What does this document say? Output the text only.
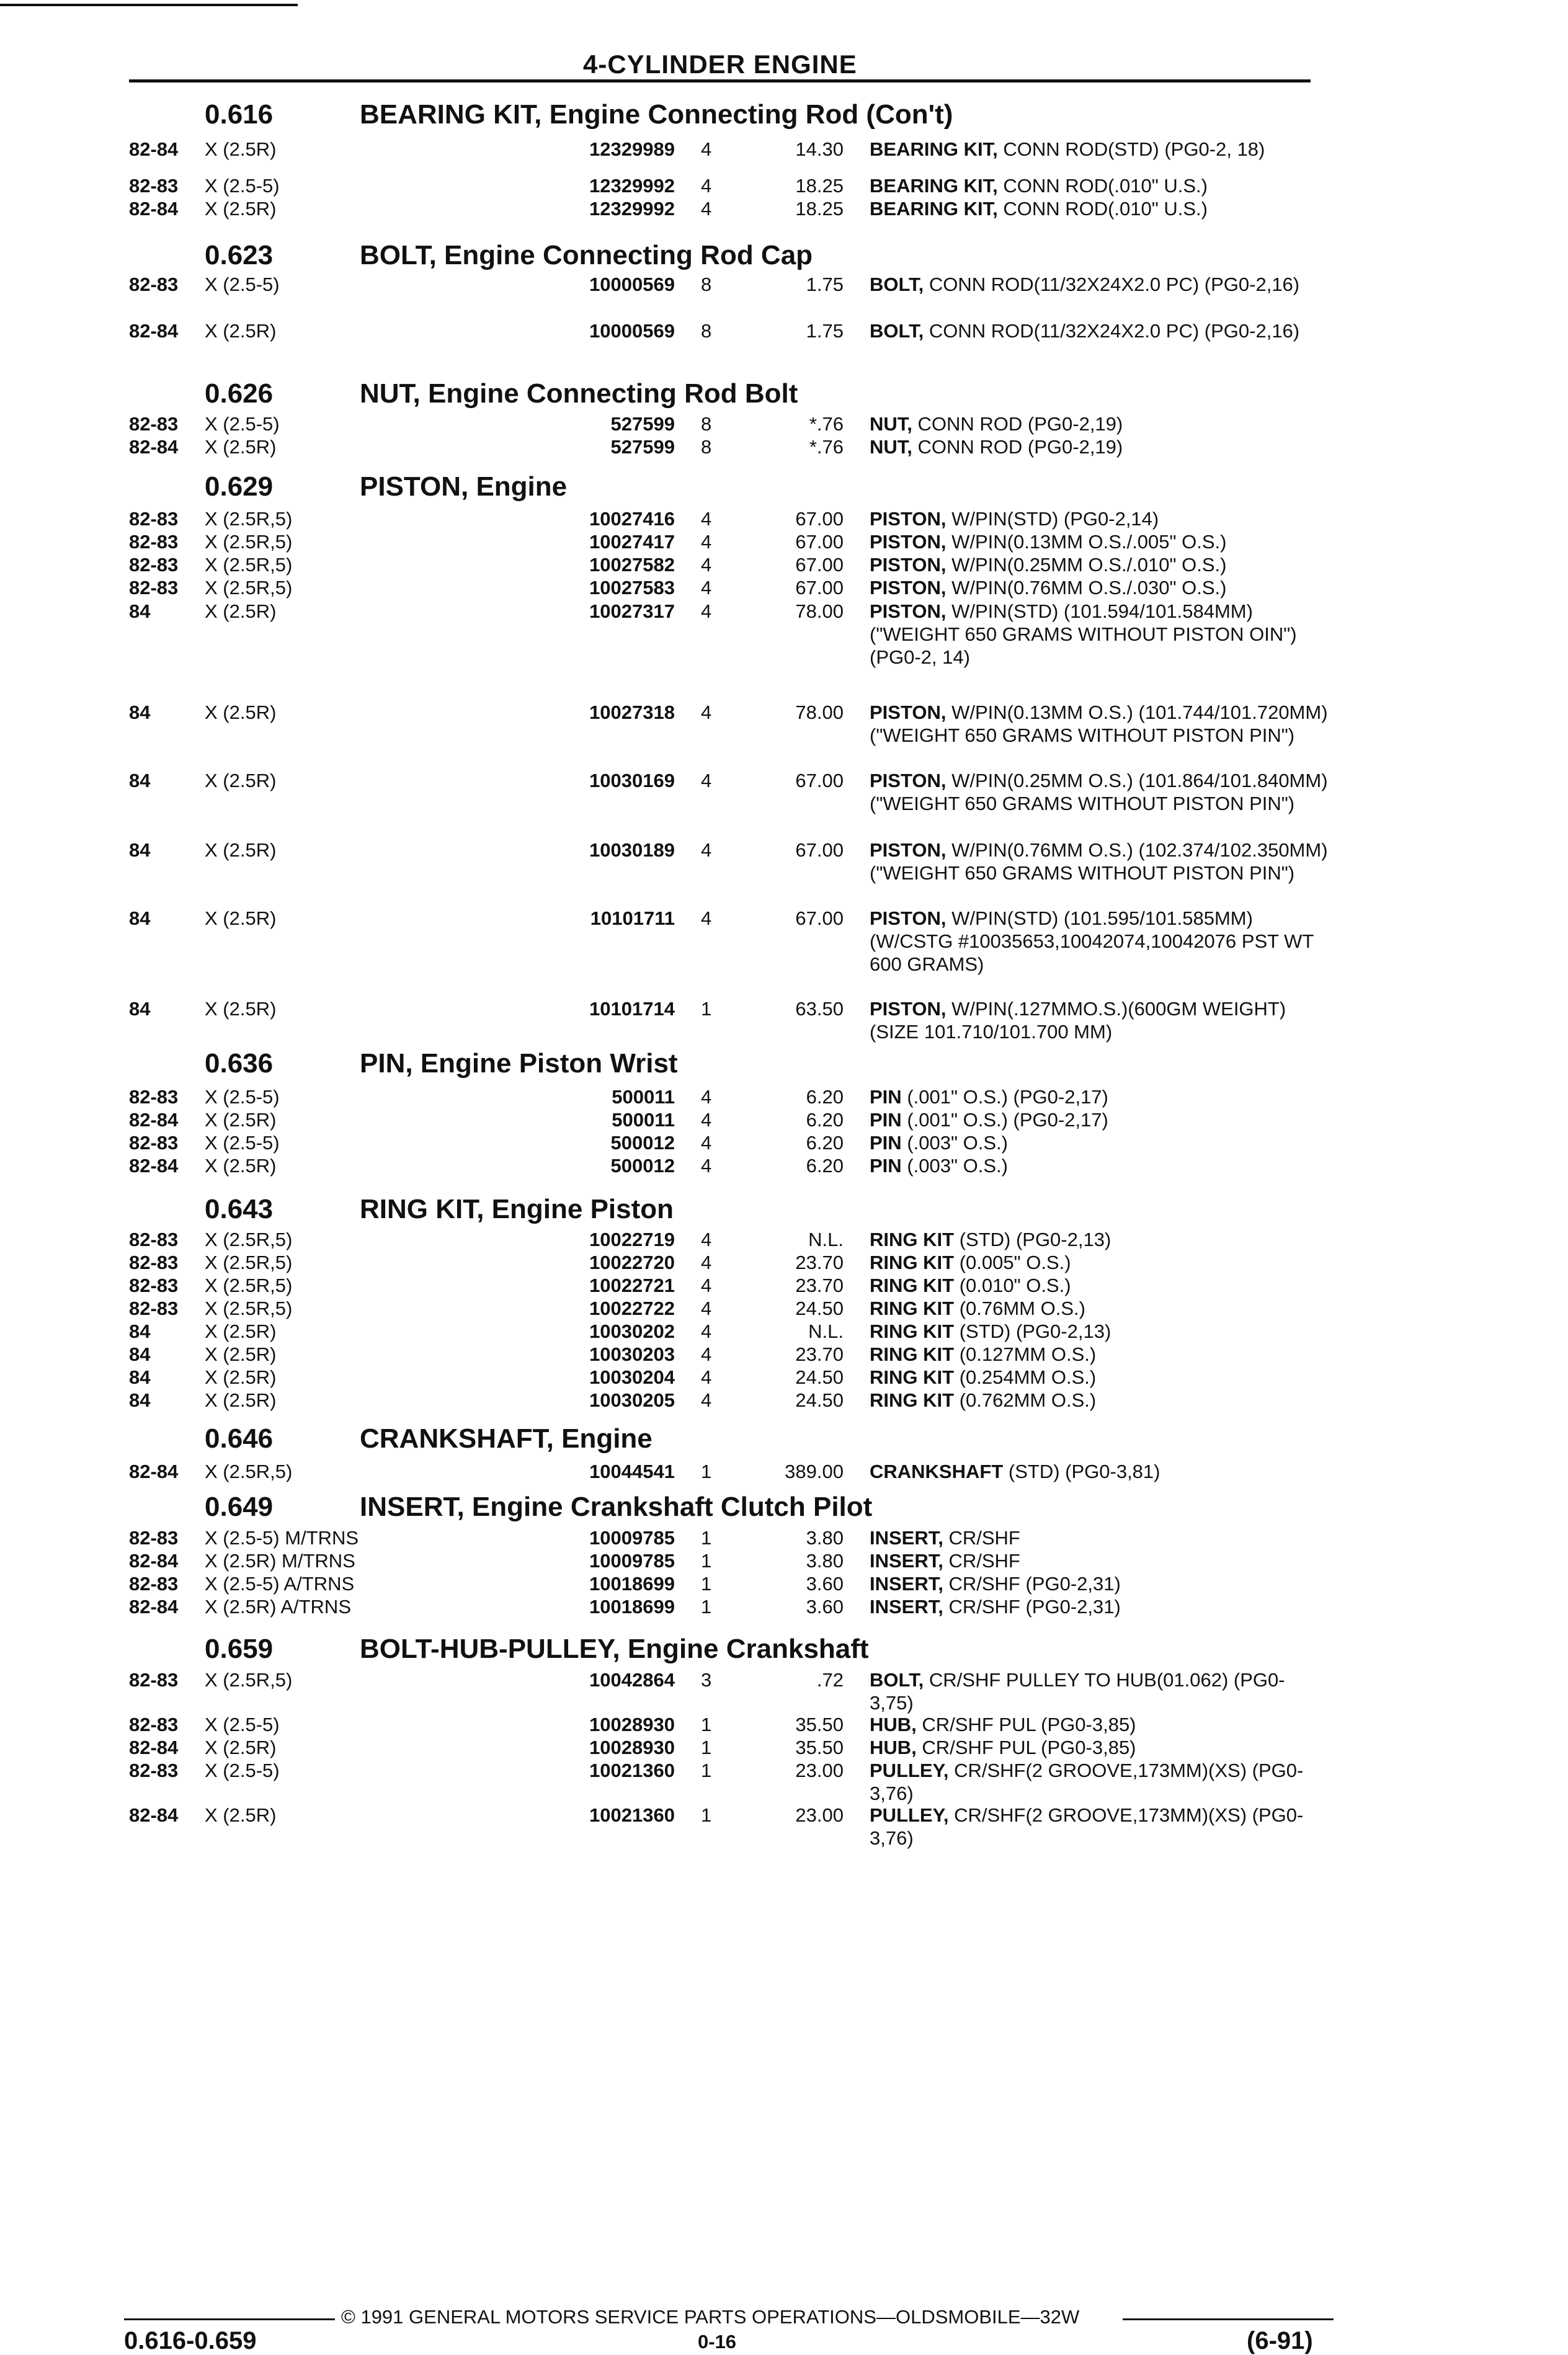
4-CYLINDER ENGINE
0.616	BEARING KIT, Engine Connecting Rod (Con't)
82-84 X (2.5R)	12329989 4	14.30 BEARING KIT, CONN ROD(STD) (PG0-2, 18)
82-83 X (2.5-5)	12329992 4	18.25 BEARING KIT, CONN ROD(.010" U.S.)
82-84 X (2.5R)	12329992 4	18.25 BEARING KIT, CONN ROD(.010" U.S.)
0.623	BOLT, Engine Connecting Rod Cap
82-83 X (2.5-5)	10000569 8	1.75 BOLT, CONN ROD(11/32X24X2.0 PC) (PG0-2,16)
82-84 X (2.5R)	10000569 8	1.75 BOLT, CONN ROD(11/32X24X2.0 PC) (PG0-2,16)
0.626	NUT, Engine Connecting Rod Bolt
82-83 X (2.5-5)	527599 8	*.76 NUT, CONN ROD (PG0-2,19)
82-84 X (2.5R)	527599 8	*.76 NUT, CONN ROD (PG0-2,19)
0.629	PISTON, Engine
82-83 X (2.5R,5)	10027416 4	67.00 PISTON, W/PIN(STD) (PG0-2,14)
82-83 X (2.5R,5)	10027417 4	67.00 PISTON, W/PIN(0.13MM O.S./.005" O.S.)
82-83 X (2.5R,5)	10027582 4	67.00 PISTON, W/PIN(0.25MM O.S./.010" O.S.)
82-83 X (2.5R,5)	10027583 4	67.00 PISTON, W/PIN(0.76MM O.S./.030" O.S.)
84	X (2.5R)	10027317 4	78.00 PISTON, W/PIN(STD) (101.594/101.584MM)("WEIGHT 650 GRAMS WITHOUT PISTON OIN") (PG0-2, 14)
84	X (2.5R)	10027318 4	78.00 PISTON, W/PIN(0.13MM O.S.) (101.744/101.720MM)("WEIGHT 650 GRAMS WITHOUT PISTON PIN")
84	X (2.5R)	10030169 4	67.00 PISTON, W/PIN(0.25MM O.S.) (101.864/101.840MM)("WEIGHT 650 GRAMS WITHOUT PISTON PIN")
84	X (2.5R)	10030189 4	67.00 PISTON, W/PIN(0.76MM O.S.) (102.374/102.350MM)("WEIGHT 650 GRAMS WITHOUT PISTON PIN")
84	X (2.5R)	10101711 4	67.00 PISTON, W/PIN(STD) (101.595/101.585MM)(W/CSTG #10035653,10042074,10042076 PST WT 600 GRAMS)
84	X (2.5R)	10101714 1	63.50 PISTON, W/PIN(.127MMO.S.)(600GM WEIGHT)(SIZE 101.710/101.700 MM)
0.636	PIN, Engine Piston Wrist
82-83 X (2.5-5)	500011 4	6.20 PIN (.001" O.S.) (PG0-2,17)
82-84 X (2.5R)	500011 4	6.20 PIN (.001" O.S.) (PG0-2,17)
82-83 X (2.5-5)	500012 4	6.20 PIN (.003" O.S.)
82-84 X (2.5R)	500012 4	6.20 PIN (.003" O.S.)
0.643	RING KIT, Engine Piston
82-83 X (2.5R,5)	10022719 4	N.L. RING KIT (STD) (PG0-2,13)
82-83 X (2.5R,5)	10022720 4	23.70 RING KIT (0.005" O.S.)
82-83 X (2.5R,5)	10022721 4	23.70 RING KIT (0.010" O.S.)
82-83 X (2.5R,5)	10022722 4	24.50 RING KIT (0.76MM O.S.)
84	X (2.5R)	10030202 4	N.L. RING KIT (STD) (PG0-2,13)
84	X (2.5R)	10030203 4	23.70 RING KIT (0.127MM O.S.)
84	X (2.5R)	10030204 4	24.50 RING KIT (0.254MM O.S.)
84	X (2.5R)	10030205 4	24.50 RING KIT (0.762MM O.S.)
0.646	CRANKSHAFT, Engine
82-84 X (2.5R,5)	10044541 1	389.00 CRANKSHAFT (STD) (PG0-3,81)
0.649	INSERT, Engine Crankshaft Clutch Pilot
82-83 X (2.5-5) M/TRNS	10009785 1	3.80 INSERT, CR/SHF
82-84 X (2.5R) M/TRNS	10009785 1	3.80 INSERT, CR/SHF
82-83 X (2.5-5) A/TRNS	10018699 1	3.60 INSERT, CR/SHF (PG0-2,31)
82-84 X (2.5R) A/TRNS	10018699 1	3.60 INSERT, CR/SHF (PG0-2,31)
0.659	BOLT-HUB-PULLEY, Engine Crankshaft
82-83 X (2.5R,5)	10042864 3	.72 BOLT, CR/SHF PULLEY TO HUB(01.062) (PG0-3,75)
82-83 X (2.5-5)	10028930 1	35.50 HUB, CR/SHF PUL (PG0-3,85)
82-84 X (2.5R)	10028930 1	35.50 HUB, CR/SHF PUL (PG0-3,85)
82-83 X (2.5-5)	10021360 1	23.00 PULLEY, CR/SHF(2 GROOVE,173MM)(XS) (PG0-3,76)
82-84 X (2.5R)	10021360 1	23.00 PULLEY, CR/SHF(2 GROOVE,173MM)(XS) (PG0-3,76)
© 1991 GENERAL MOTORS SERVICE PARTS OPERATIONS—OLDSMOBILE—32W
0.616-0.659	0-16	(6-91)
